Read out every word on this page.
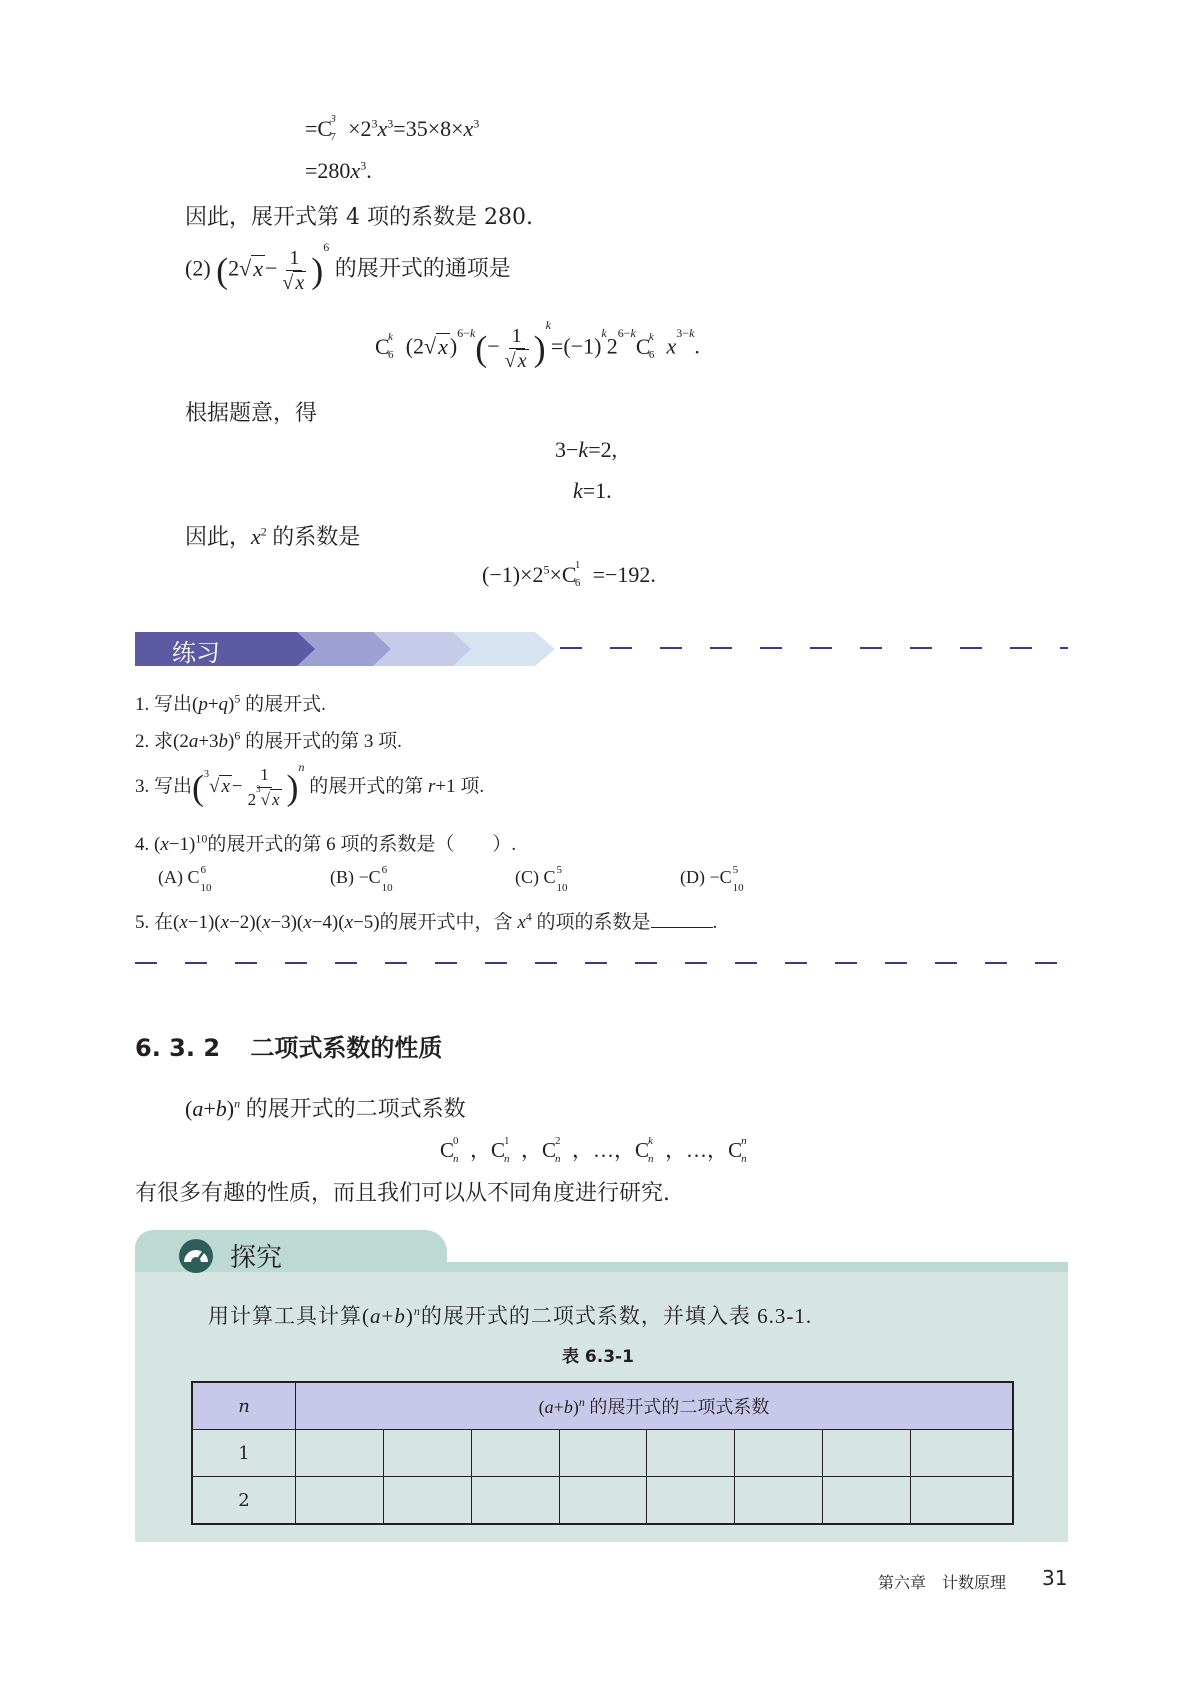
=C
3
$7 \times 2^3x^3=35\times 8\times x^3$
$=280x^3$.
因此，展开式第 4 项的系数是 280.
(2) $(2√x- \frac{1}{√ x} )^6$ 的展开式的通项是
C
k
6 $(2√x)^{6-k}(- \frac{1}{√ x} )^k=(-1)^k2^{6-k}C$
k
6 $x^{3-k}$.
根据题意，得
3−k=2,
k=1.
因此，$x^2$ 的系数是
$(-1)\times 2^5\times C$
1
6 =−192.
练习
1. 写出$(p+q)^5$ 的展开式.
2. 求$(2a+3b)^6$ 的展开式的第 3 项.
3. 写出($^3$√ $x - \frac{1}{2^3√ x} )^n$ 的展开式的第 r+1 项.
4. $(x-1)^{10}$的展开式的第 6 项的系数是（　　）.
(A) C 6
10
(B) −C 6
10
(C) C 5
10
(D) −C 5
10
5. 在(x−1)(x−2)(x−3)(x−4)(x−5)的展开式中，含 $x^4$ 的项的系数是	.
6. 3. 2 二项式系数的性质
$(a+b)^n$ 的展开式的二项式系数
C
0
n ，C
1
n ，C
2
n ，…，C
k
n ，…，C
n
n
有很多有趣的性质，而且我们可以从不同角度进行研究.
探究
用计算工具计算$(a+b)^n$的展开式的二项式系数，并填入表 6.3-1.
表 6.3-1
n	$(a+b)^n$ 的展开式的二项式系数							
1								
2								
第六章　计数原理 31
